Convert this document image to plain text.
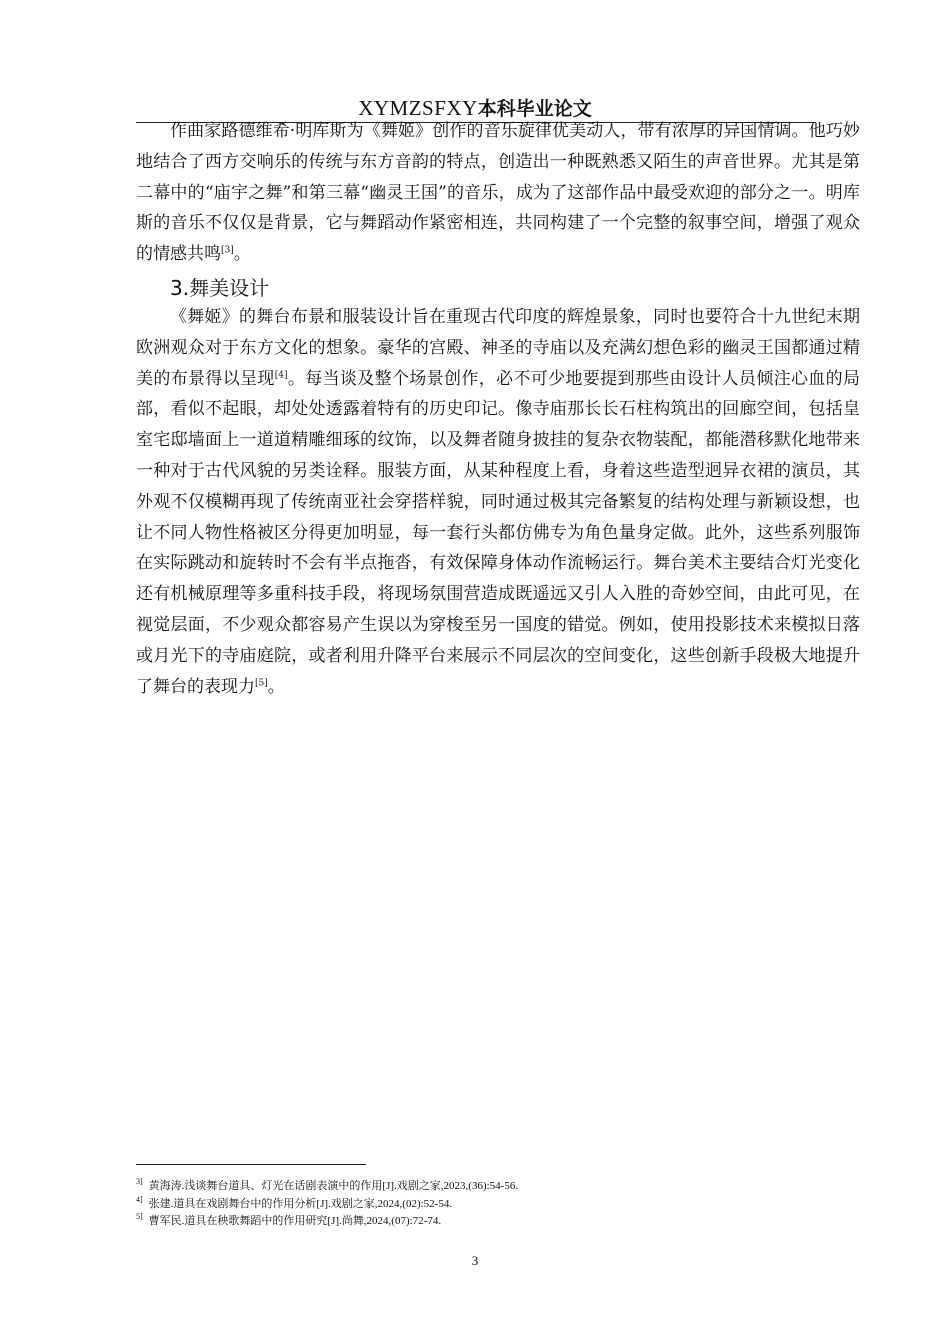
XYMZSFXY本科毕业论文

作曲家路德维希·明库斯为《舞姬》创作的音乐旋律优美动人，带有浓厚的异国情调。他巧妙地结合了西方交响乐的传统与东方音韵的特点，创造出一种既熟悉又陌生的声音世界。尤其是第二幕中的“庙宇之舞”和第三幕“幽灵王国”的音乐，成为了这部作品中最受欢迎的部分之一。明库斯的音乐不仅仅是背景，它与舞蹈动作紧密相连，共同构建了一个完整的叙事空间，增强了观众的情感共鸣[3]。

3.舞美设计

《舞姬》的舞台布景和服装设计旨在重现古代印度的辉煌景象，同时也要符合十九世纪末期欧洲观众对于东方文化的想象。豪华的宫殿、神圣的寺庙以及充满幻想色彩的幽灵王国都通过精美的布景得以呈现[4]。每当谈及整个场景创作，必不可少地要提到那些由设计人员倾注心血的局部，看似不起眼，却处处透露着特有的历史印记。像寺庙那长长石柱构筑出的回廊空间，包括皇室宅邸墙面上一道道精雕细琢的纹饰，以及舞者随身披挂的复杂衣物装配，都能潜移默化地带来一种对于古代风貌的另类诠释。服装方面，从某种程度上看，身着这些造型迥异衣裙的演员，其外观不仅模糊再现了传统南亚社会穿搭样貌，同时通过极其完备繁复的结构处理与新颖设想，也让不同人物性格被区分得更加明显，每一套行头都仿佛专为角色量身定做。此外，这些系列服饰在实际跳动和旋转时不会有半点拖沓，有效保障身体动作流畅运行。舞台美术主要结合灯光变化还有机械原理等多重科技手段，将现场氛围营造成既遥远又引人入胜的奇妙空间，由此可见，在视觉层面，不少观众都容易产生误以为穿梭至另一国度的错觉。例如，使用投影技术来模拟日落或月光下的寺庙庭院，或者利用升降平台来展示不同层次的空间变化，这些创新手段极大地提升了舞台的表现力[5]。

$^{3]}$ 黄海涛.浅谈舞台道具、灯光在话剧表演中的作用[J].戏剧之家,2023,(36):54-56.
$^{4]}$ 张建.道具在戏剧舞台中的作用分析[J].戏剧之家,2024,(02):52-54.
$^{5]}$ 曹军民.道具在秧歌舞蹈中的作用研究[J].尚舞,2024,(07):72-74.
3
